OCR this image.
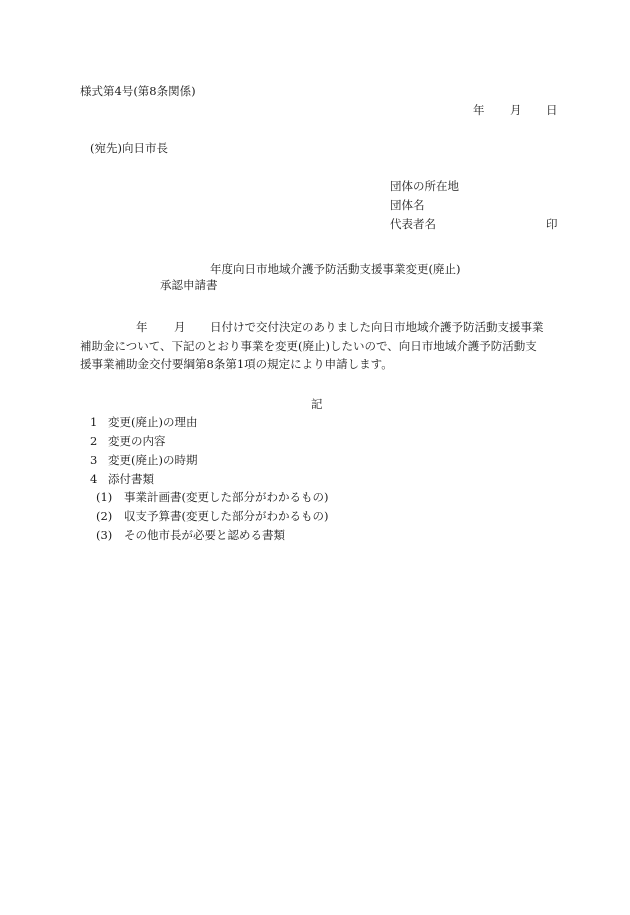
様式第4号(第8条関係)
年 月 日
(宛先)向日市長
団体の所在地
団体名
代表者名	印
年度向日市地域介護予防活動支援事業変更(廃止)
承認申請書
年 月 日付けで交付決定のありました向日市地域介護予防活動支援事業
補助金について、下記のとおり事業を変更(廃止)したいので、向日市地域介護予防活動支
援事業補助金交付要綱第8条第1項の規定により申請します。
記
1 変更(廃止)の理由
2 変更の内容
3 変更(廃止)の時期
4 添付書類
(1) 事業計画書(変更した部分がわかるもの)
(2) 収支予算書(変更した部分がわかるもの)
(3) その他市長が必要と認める書類
